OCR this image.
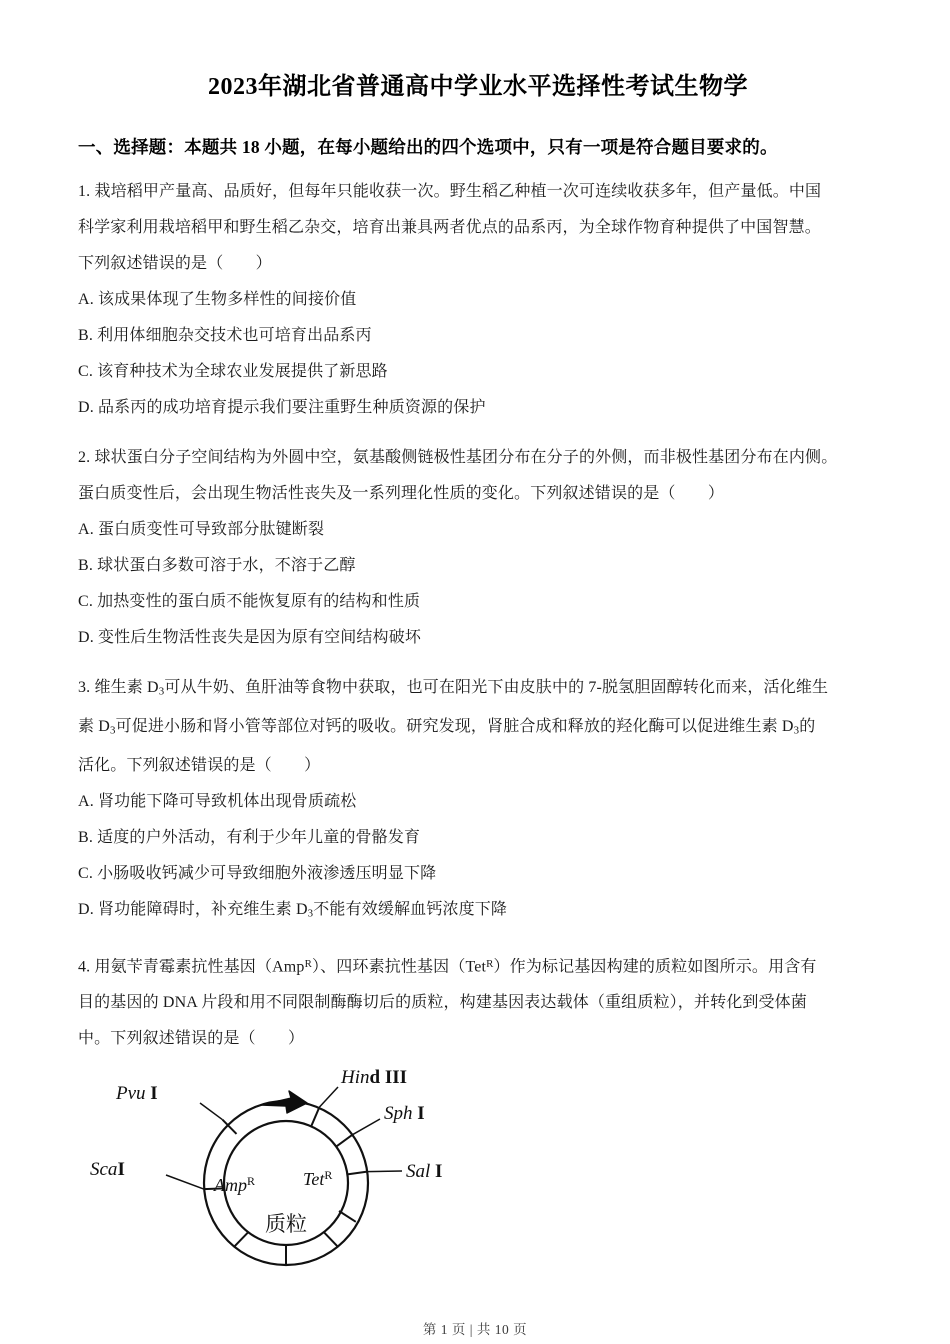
2023年湖北省普通高中学业水平选择性考试生物学
一、选择题：本题共 18 小题，在每小题给出的四个选项中，只有一项是符合题目要求的。
1. 栽培稻甲产量高、品质好，但每年只能收获一次。野生稻乙种植一次可连续收获多年，但产量低。中国
科学家利用栽培稻甲和野生稻乙杂交，培育出兼具两者优点的品系丙，为全球作物育种提供了中国智慧。
下列叙述错误的是（　　）
A. 该成果体现了生物多样性的间接价值
B. 利用体细胞杂交技术也可培育出品系丙
C. 该育种技术为全球农业发展提供了新思路
D. 品系丙的成功培育提示我们要注重野生种质资源的保护
2. 球状蛋白分子空间结构为外圆中空，氨基酸侧链极性基团分布在分子的外侧，而非极性基团分布在内侧。
蛋白质变性后，会出现生物活性丧失及一系列理化性质的变化。下列叙述错误的是（　　）
A. 蛋白质变性可导致部分肽键断裂
B. 球状蛋白多数可溶于水，不溶于乙醇
C. 加热变性的蛋白质不能恢复原有的结构和性质
D. 变性后生物活性丧失是因为原有空间结构破坏
3. 维生素 $D_3$可从牛奶、鱼肝油等食物中获取，也可在阳光下由皮肤中的 7-脱氢胆固醇转化而来，活化维生
素 $D_3$可促进小肠和肾小管等部位对钙的吸收。研究发现，肾脏合成和释放的羟化酶可以促进维生素 $D_3$的
活化。下列叙述错误的是（　　）
A. 肾功能下降可导致机体出现骨质疏松
B. 适度的户外活动，有利于少年儿童的骨骼发育
C. 小肠吸收钙减少可导致细胞外液渗透压明显下降
D. 肾功能障碍时，补充维生素 $D_3$不能有效缓解血钙浓度下降
4. 用氨苄青霉素抗性基因（Amp$^R$）、四环素抗性基因（Tet$^R$）作为标记基因构建的质粒如图所示。用含有
目的基因的 DNA 片段和用不同限制酶酶切后的质粒，构建基因表达载体（重组质粒），并转化到受体菌
中。下列叙述错误的是（　　）
Amp$^R$	Tet$^R$
质粒
Pvu I
ScaI
Hind III
Sph I
Sal I
第 1 页 | 共 10 页
